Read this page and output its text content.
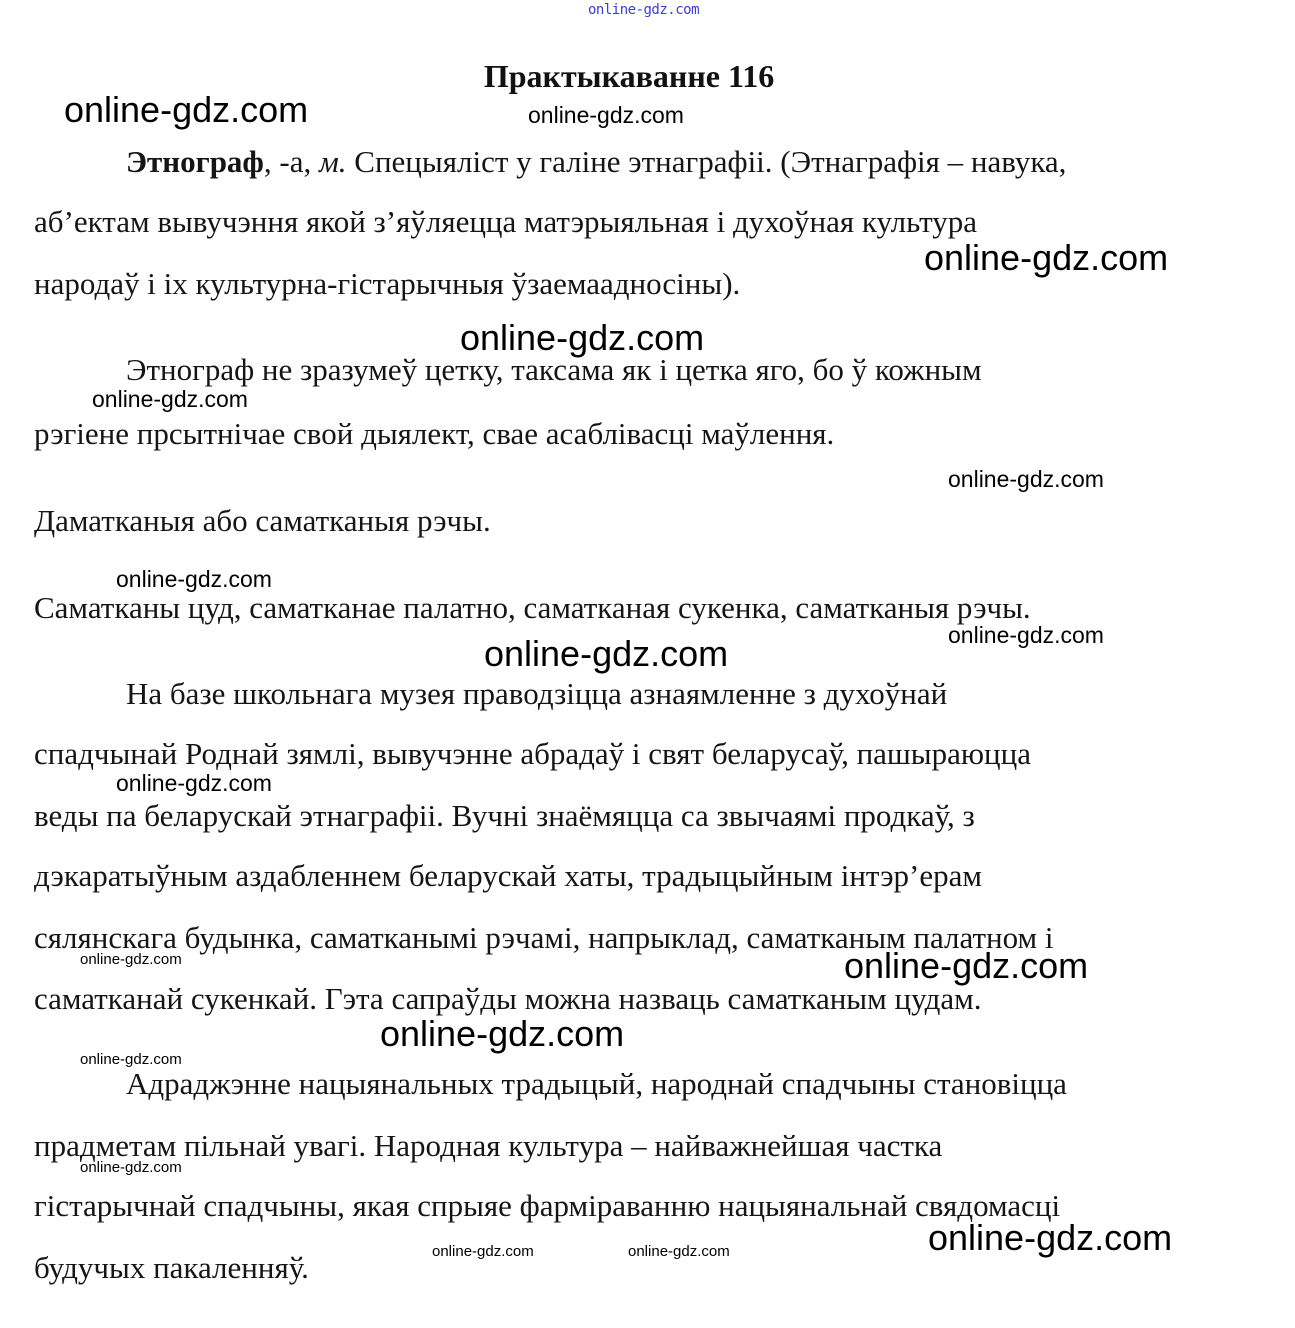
online-gdz.com
Практыкаванне 116
Этнограф, -а, м. Спецыяліст у галіне этнаграфіі. (Этнаграфія – навука,
аб’ектам вывучэння якой з’яўляецца матэрыяльная і духоўная культура
народаў і іх культурна-гістарычныя ўзаемаадносіны).
Этнограф не зразумеў цетку, таксама як і цетка яго, бо ў кожным
рэгіене прсытнічае свой дыялект, свае асаблівасці маўлення.
Даматканыя або саматканыя рэчы.
Саматканы цуд, саматканае палатно, саматканая сукенка, саматканыя рэчы.
На базе школьнага музея праводзіцца азнаямленне з духоўнай
спадчынай Роднай зямлі, вывучэнне абрадаў і свят беларусаў, пашыраюцца
веды па беларускай этнаграфіі. Вучні знаёмяцца са звычаямі продкаў, з
дэкаратыўным аздабленнем беларускай хаты, традыцыйным інтэр’ерам
сялянскага будынка, саматканымі рэчамі, напрыклад, саматканым палатном і
саматканай сукенкай. Гэта сапраўды можна назваць саматканым цудам.
Адраджэнне нацыянальных традыцый, народнай спадчыны становіцца
прадметам пільнай увагі. Народная культура – найважнейшая частка
гістарычнай спадчыны, якая спрыяе фарміраванню нацыянальнай свядомасці
будучых пакаленняў.
online-gdz.com	online-gdz.com
online-gdz.com
online-gdz.com
online-gdz.com
online-gdz.com
online-gdz.com
online-gdz.com
online-gdz.com
online-gdz.com
online-gdz.com	online-gdz.com
online-gdz.com
online-gdz.com
online-gdz.com
online-gdz.com
online-gdz.com	online-gdz.com
